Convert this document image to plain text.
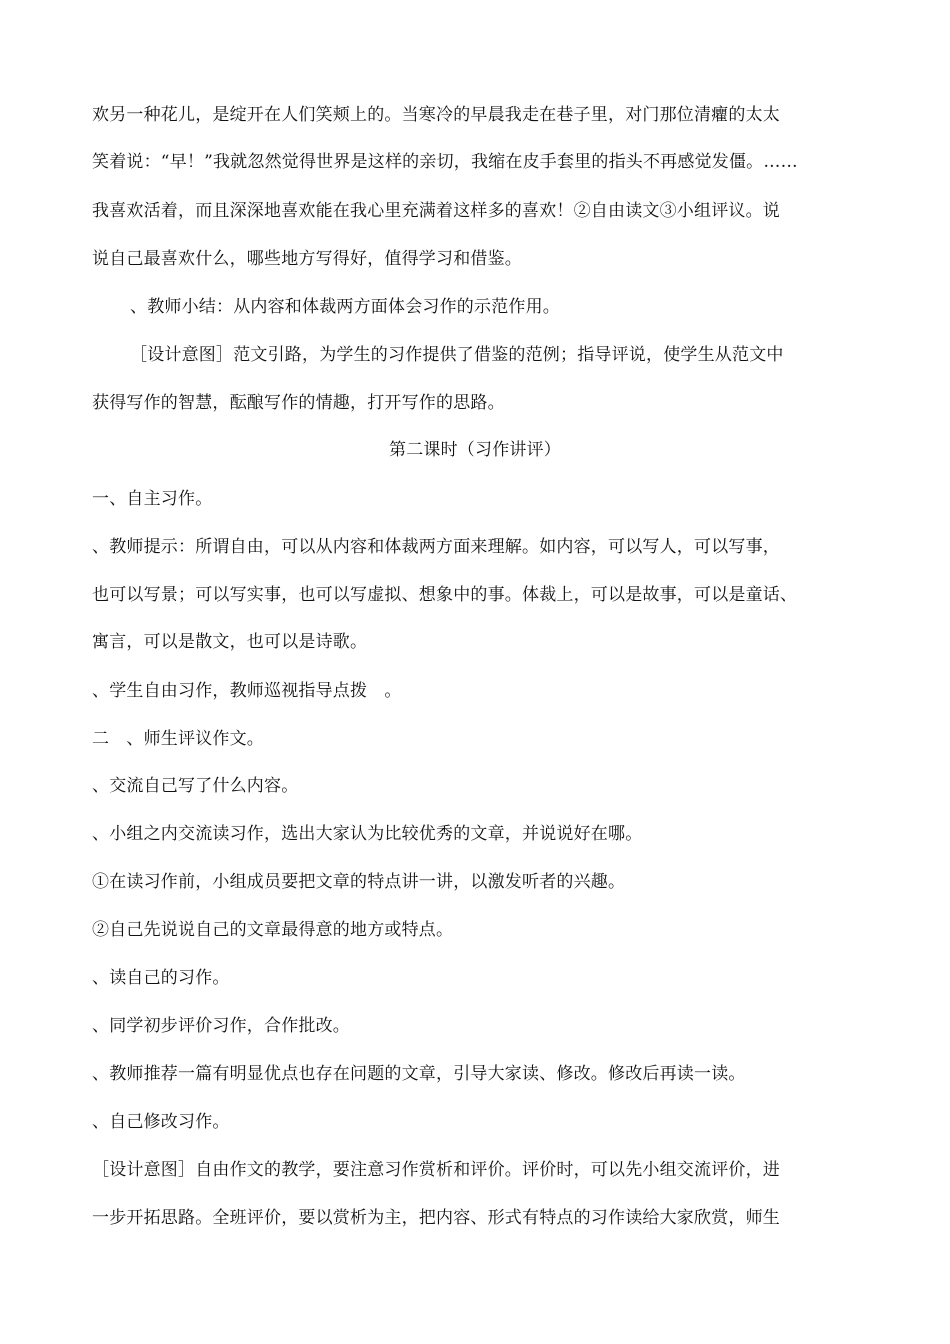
欢另一种花儿，是绽开在人们笑颊上的。当寒冷的早晨我走在巷子里，对门那位清癯的太太
笑着说：“早！”我就忽然觉得世界是这样的亲切，我缩在皮手套里的指头不再感觉发僵。……
我喜欢活着，而且深深地喜欢能在我心里充满着这样多的喜欢！②自由读文③小组评议。说
说自己最喜欢什么，哪些地方写得好，值得学习和借鉴。
、教师小结：从内容和体裁两方面体会习作的示范作用。
［设计意图］范文引路，为学生的习作提供了借鉴的范例；指导评说，使学生从范文中
获得写作的智慧，酝酿写作的情趣，打开写作的思路。
第二课时（习作讲评）
一、自主习作。
、教师提示：所谓自由，可以从内容和体裁两方面来理解。如内容，可以写人，可以写事，
也可以写景；可以写实事，也可以写虚拟、想象中的事。体裁上，可以是故事，可以是童话、
寓言，可以是散文，也可以是诗歌。
、学生自由习作，教师巡视指导点拨　。
二　、师生评议作文。
、交流自己写了什么内容。
、小组之内交流读习作，选出大家认为比较优秀的文章，并说说好在哪。
①在读习作前，小组成员要把文章的特点讲一讲，以激发听者的兴趣。
②自己先说说自己的文章最得意的地方或特点。
、读自己的习作。
、同学初步评价习作，合作批改。
、教师推荐一篇有明显优点也存在问题的文章，引导大家读、修改。修改后再读一读。
、自己修改习作。
［设计意图］自由作文的教学，要注意习作赏析和评价。评价时，可以先小组交流评价，进
一步开拓思路。全班评价，要以赏析为主，把内容、形式有特点的习作读给大家欣赏，师生
